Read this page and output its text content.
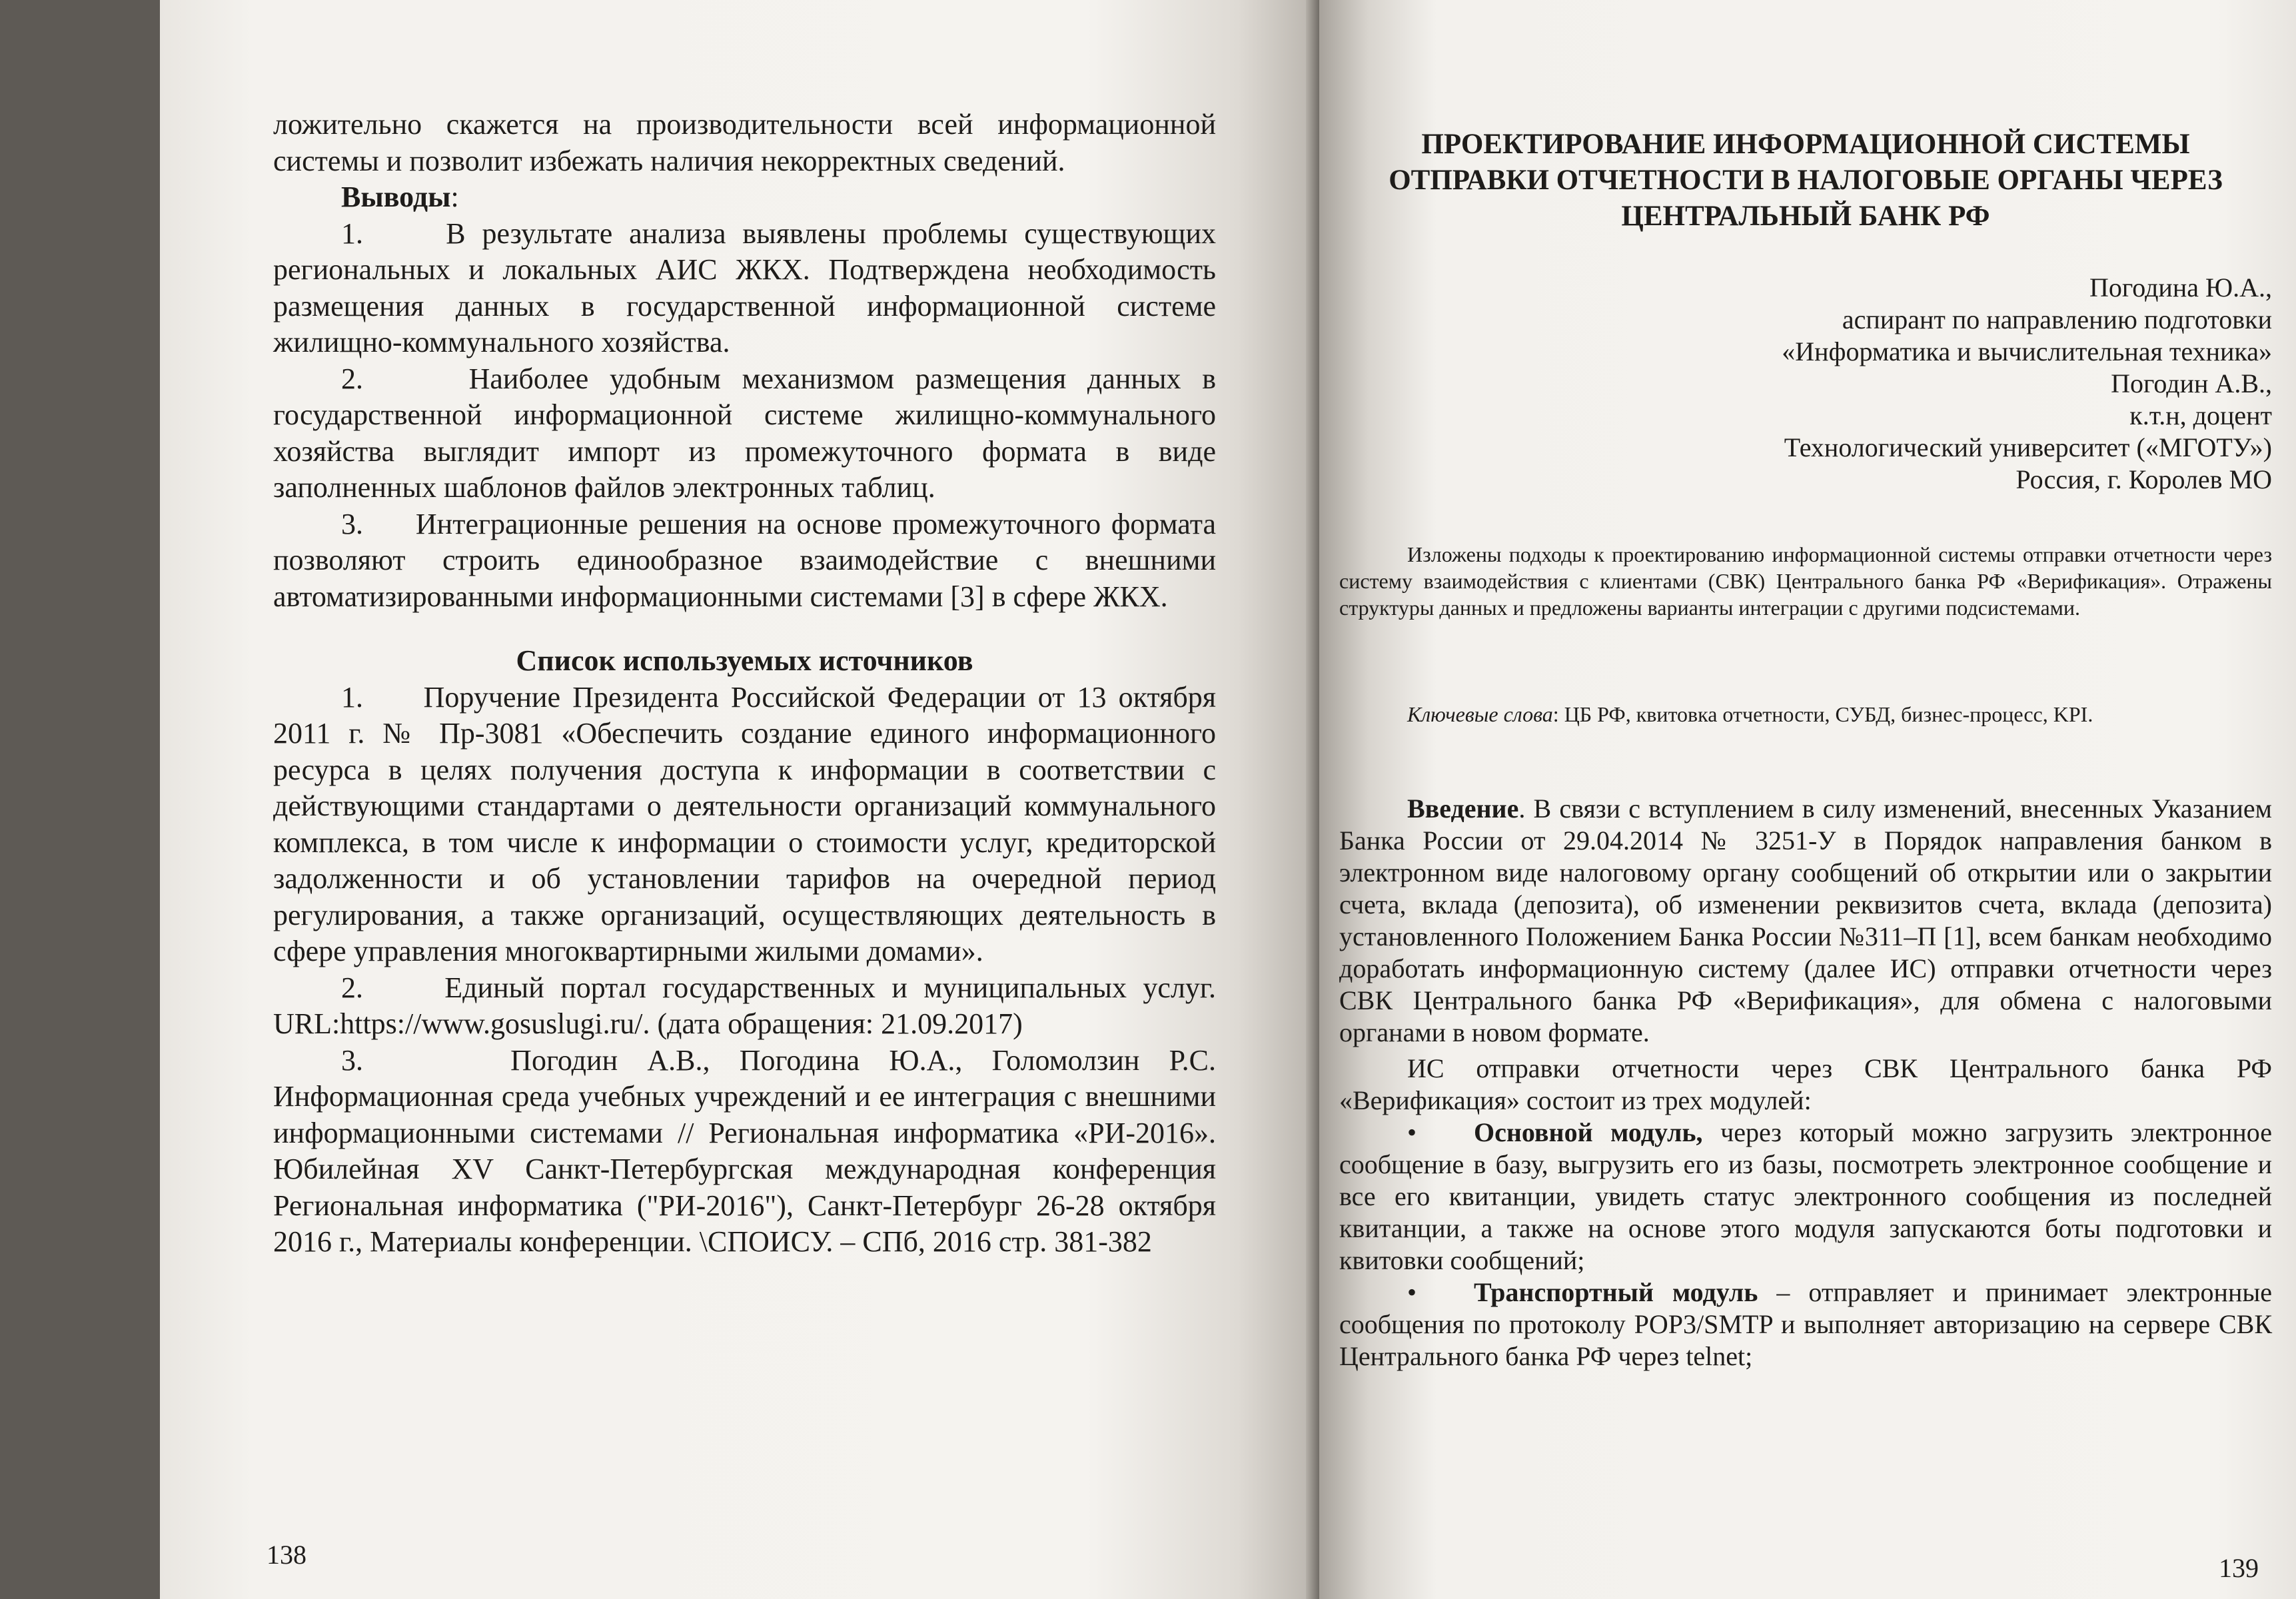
ложительно скажется на производительности всей информационной системы и позволит избежать наличия некорректных сведений.

Выводы:

1.     В результате анализа выявлены проблемы существующих региональных и локальных АИС ЖКХ. Подтверждена необходимость размещения данных в государственной информационной системе жилищно-коммунального хозяйства.

2.     Наиболее удобным механизмом размещения данных в государственной информационной системе жилищно-коммунального хозяйства выглядит импорт из промежуточного формата в виде заполненных шаблонов файлов электронных таблиц.

3.     Интеграционные решения на основе промежуточного формата позволяют строить единообразное взаимодействие с внешними автоматизированными информационными системами [3] в сфере ЖКХ.

Список используемых источников

1.     Поручение Президента Российской Федерации от 13 октября 2011 г. № Пр-3081 «Обеспечить создание единого информационного ресурса в целях получения доступа к информации в соответствии с действующими стандартами о деятельности организаций коммунального комплекса, в том числе к информации о стоимости услуг, кредиторской задолженности и об установлении тарифов на очередной период регулирования, а также организаций, осуществляющих деятельность в сфере управления многоквартирными жилыми домами».

2.     Единый портал государственных и муниципальных услуг. URL:https://www.gosuslugi.ru/. (дата обращения: 21.09.2017)

3.     Погодин А.В., Погодина Ю.А., Голомолзин Р.С. Информационная среда учебных учреждений и ее интеграция с внешними информационными системами // Региональная информатика «РИ-2016». Юбилейная XV Санкт-Петербургская международная конференция Региональная информатика ("РИ-2016"), Санкт-Петербург 26-28 октября 2016 г., Материалы конференции. \СПОИСУ. – СПб, 2016 стр. 381-382

138

ПРОЕКТИРОВАНИЕ ИНФОРМАЦИОННОЙ СИСТЕМЫ

ОТПРАВКИ ОТЧЕТНОСТИ В НАЛОГОВЫЕ ОРГАНЫ ЧЕРЕЗ

ЦЕНТРАЛЬНЫЙ БАНК РФ

Погодина Ю.А.,

аспирант по направлению подготовки

«Информатика и вычислительная техника»

Погодин А.В.,

к.т.н, доцент

Технологический университет («МГОТУ»)

Россия, г. Королев МО

Изложены подходы к проектированию информационной системы отправки отчетности через систему взаимодействия с клиентами (СВК) Центрального банка РФ «Верификация». Отражены структуры данных и предложены варианты интеграции с другими подсистемами.

Ключевые слова: ЦБ РФ, квитовка отчетности, СУБД, бизнес-процесс, KPI.

Введение. В связи с вступлением в силу изменений, внесенных Указанием Банка России от 29.04.2014 № 3251-У в Порядок направления банком в электронном виде налоговому органу сообщений об открытии или о закрытии счета, вклада (депозита), об изменении реквизитов счета, вклада (депозита) установленного Положением Банка России №311–П [1], всем банкам необходимо доработать информационную систему (далее ИС) отправки отчетности через СВК Центрального банка РФ «Верификация», для обмена с налоговыми органами в новом формате.

ИС отправки отчетности через СВК Центрального банка РФ «Верификация» состоит из трех модулей:

• Основной модуль, через который можно загрузить электронное сообщение в базу, выгрузить его из базы, посмотреть электронное сообщение и все его квитанции, увидеть статус электронного сообщения из последней квитанции, а также на основе этого модуля запускаются боты подготовки и квитовки сообщений;

• Транспортный модуль – отправляет и принимает электронные сообщения по протоколу POP3/SMTP и выполняет авторизацию на сервере СВК Центрального банка РФ через telnet;

139
